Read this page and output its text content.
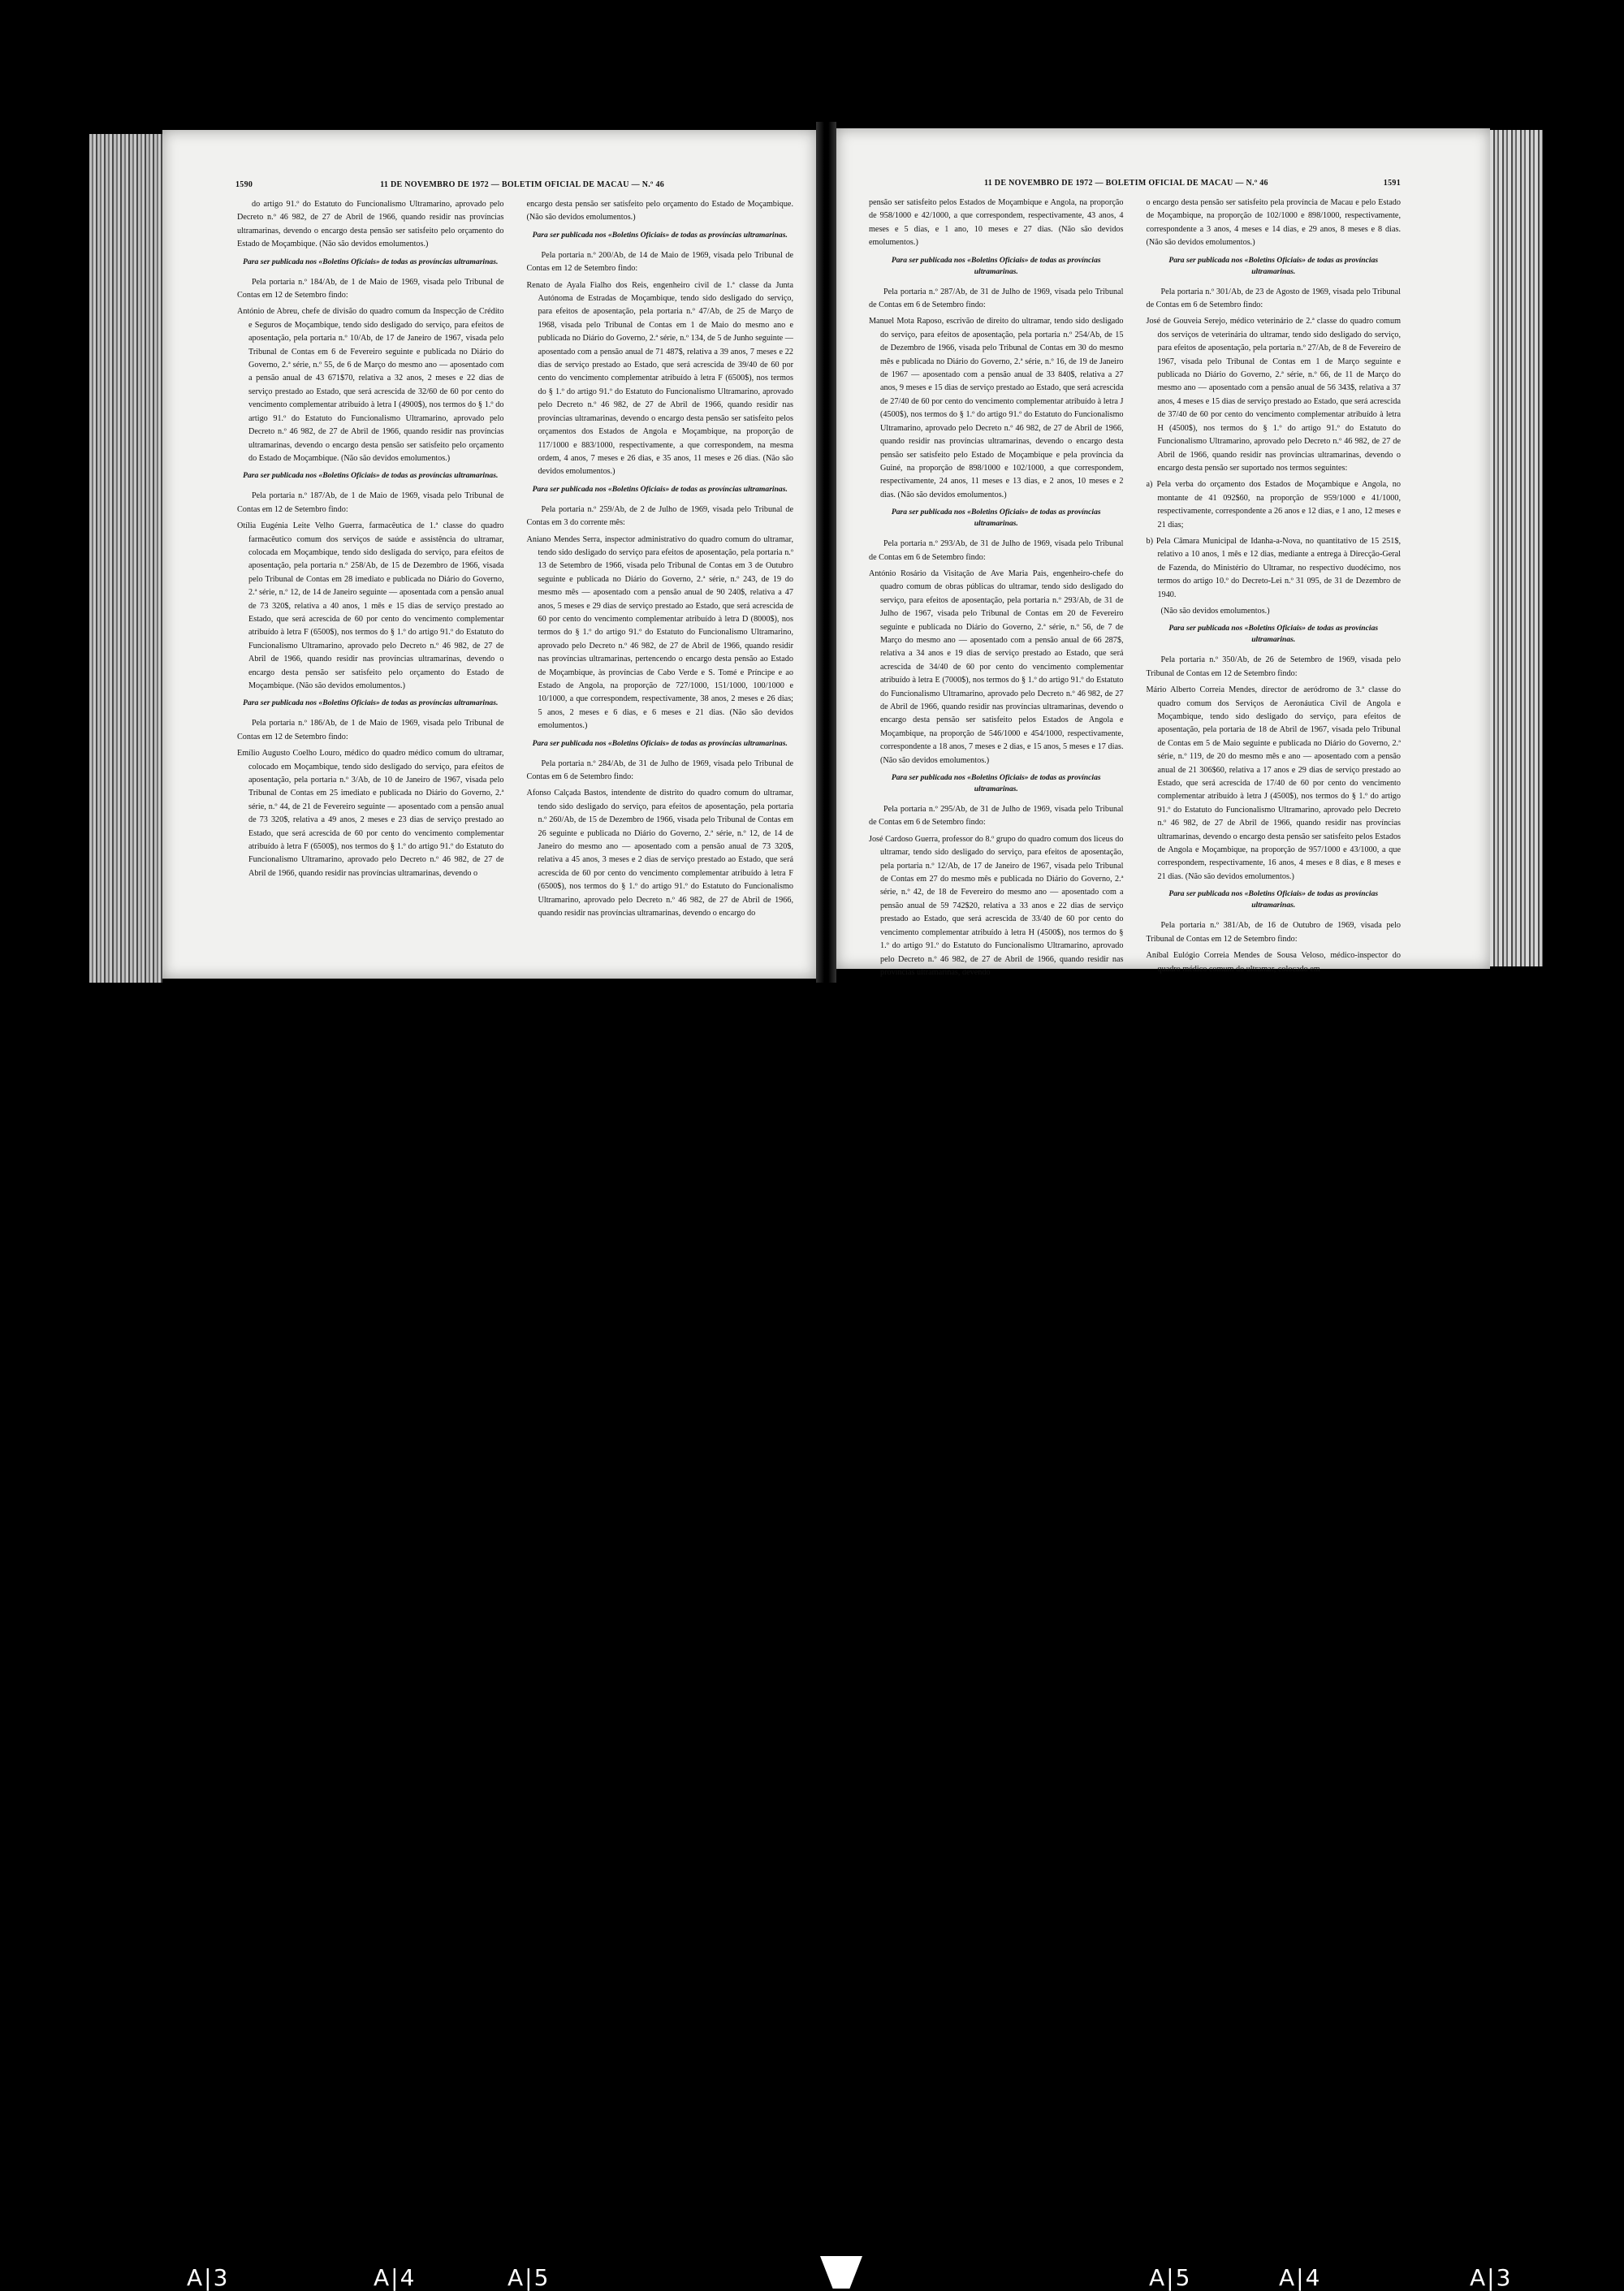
1590	11 DE NOVEMBRO DE 1972 — BOLETIM OFICIAL DE MACAU — N.º 46

do artigo 91.º do Estatuto do Funcionalismo Ultramarino, aprovado pelo Decreto n.º 46 982, de 27 de Abril de 1966, quando residir nas províncias ultramarinas, devendo o encargo desta pensão ser satisfeito pelo orçamento do Estado de Moçambique. (Não são devidos emolumentos.)

Para ser publicada nos «Boletins Oficiais» de todas as províncias ultramarinas.

Pela portaria n.º 184/Ab, de 1 de Maio de 1969, visada pelo Tribunal de Contas em 12 de Setembro findo:

António de Abreu, chefe de divisão do quadro comum da Inspecção de Crédito e Seguros de Moçambique, tendo sido desligado do serviço, para efeitos de aposentação, pela portaria n.º 10/Ab, de 17 de Janeiro de 1967, visada pelo Tribunal de Contas em 6 de Fevereiro seguinte e publicada no Diário do Governo, 2.ª série, n.º 55, de 6 de Março do mesmo ano — aposentado com a pensão anual de 43 671$70, relativa a 32 anos, 2 meses e 22 dias de serviço prestado ao Estado, que será acrescida de 32/60 de 60 por cento do vencimento complementar atribuído à letra I (4900$), nos termos do § 1.º do artigo 91.º do Estatuto do Funcionalismo Ultramarino, aprovado pelo Decreto n.º 46 982, de 27 de Abril de 1966, quando residir nas províncias ultramarinas, devendo o encargo desta pensão ser satisfeito pelo orçamento do Estado de Moçambique. (Não são devidos emolumentos.)

Para ser publicada nos «Boletins Oficiais» de todas as províncias ultramarinas.

Pela portaria n.º 187/Ab, de 1 de Maio de 1969, visada pelo Tribunal de Contas em 12 de Setembro findo:

Otília Eugénia Leite Velho Guerra, farmacêutica de 1.ª classe do quadro farmacêutico comum dos serviços de saúde e assistência do ultramar, colocada em Moçambique, tendo sido desligada do serviço, para efeitos de aposentação, pela portaria n.º 258/Ab, de 15 de Dezembro de 1966, visada pelo Tribunal de Contas em 28 imediato e publicada no Diário do Governo, 2.ª série, n.º 12, de 14 de Janeiro seguinte — aposentada com a pensão anual de 73 320$, relativa a 40 anos, 1 mês e 15 dias de serviço prestado ao Estado, que será acrescida de 60 por cento do vencimento complementar atribuído à letra F (6500$), nos termos do § 1.º do artigo 91.º do Estatuto do Funcionalismo Ultramarino, aprovado pelo Decreto n.º 46 982, de 27 de Abril de 1966, quando residir nas províncias ultramarinas, devendo o encargo desta pensão ser satisfeito pelo orçamento do Estado de Moçambique. (Não são devidos emolumentos.)

Para ser publicada nos «Boletins Oficiais» de todas as províncias ultramarinas.

Pela portaria n.º 186/Ab, de 1 de Maio de 1969, visada pelo Tribunal de Contas em 12 de Setembro findo:

Emílio Augusto Coelho Louro, médico do quadro médico comum do ultramar, colocado em Moçambique, tendo sido desligado do serviço, para efeitos de aposentação, pela portaria n.º 3/Ab, de 10 de Janeiro de 1967, visada pelo Tribunal de Contas em 25 imediato e publicada no Diário do Governo, 2.ª série, n.º 44, de 21 de Fevereiro seguinte — aposentado com a pensão anual de 73 320$, relativa a 49 anos, 2 meses e 23 dias de serviço prestado ao Estado, que será acrescida de 60 por cento do vencimento complementar atribuído à letra F (6500$), nos termos do § 1.º do artigo 91.º do Estatuto do Funcionalismo Ultramarino, aprovado pelo Decreto n.º 46 982, de 27 de Abril de 1966, quando residir nas províncias ultramarinas, devendo o

encargo desta pensão ser satisfeito pelo orçamento do Estado de Moçambique. (Não são devidos emolumentos.)

Para ser publicada nos «Boletins Oficiais» de todas as províncias ultramarinas.

Pela portaria n.º 200/Ab, de 14 de Maio de 1969, visada pelo Tribunal de Contas em 12 de Setembro findo:

Renato de Ayala Fialho dos Reis, engenheiro civil de 1.ª classe da Junta Autónoma de Estradas de Moçambique, tendo sido desligado do serviço, para efeitos de aposentação, pela portaria n.º 47/Ab, de 25 de Março de 1968, visada pelo Tribunal de Contas em 1 de Maio do mesmo ano e publicada no Diário do Governo, 2.ª série, n.º 134, de 5 de Junho seguinte — aposentado com a pensão anual de 71 487$, relativa a 39 anos, 7 meses e 22 dias de serviço prestado ao Estado, que será acrescida de 39/40 de 60 por cento do vencimento complementar atribuído à letra F (6500$), nos termos do § 1.º do artigo 91.º do Estatuto do Funcionalismo Ultramarino, aprovado pelo Decreto n.º 46 982, de 27 de Abril de 1966, quando residir nas províncias ultramarinas, devendo o encargo desta pensão ser satisfeito pelos orçamentos dos Estados de Angola e Moçambique, na proporção de 117/1000 e 883/1000, respectivamente, a que correspondem, na mesma ordem, 4 anos, 7 meses e 26 dias, e 35 anos, 11 meses e 26 dias. (Não são devidos emolumentos.)

Para ser publicada nos «Boletins Oficiais» de todas as províncias ultramarinas.

Pela portaria n.º 259/Ab, de 2 de Julho de 1969, visada pelo Tribunal de Contas em 3 do corrente mês:

Aniano Mendes Serra, inspector administrativo do quadro comum do ultramar, tendo sido desligado do serviço para efeitos de aposentação, pela portaria n.º 13 de Setembro de 1966, visada pelo Tribunal de Contas em 3 de Outubro seguinte e publicada no Diário do Governo, 2.ª série, n.º 243, de 19 do mesmo mês — aposentado com a pensão anual de 90 240$, relativa a 47 anos, 5 meses e 29 dias de serviço prestado ao Estado, que será acrescida de 60 por cento do vencimento complementar atribuído à letra D (8000$), nos termos do § 1.º do artigo 91.º do Estatuto do Funcionalismo Ultramarino, aprovado pelo Decreto n.º 46 982, de 27 de Abril de 1966, quando residir nas províncias ultramarinas, pertencendo o encargo desta pensão ao Estado de Moçambique, às províncias de Cabo Verde e S. Tomé e Príncipe e ao Estado de Angola, na proporção de 727/1000, 151/1000, 100/1000 e 10/1000, a que correspondem, respectivamente, 38 anos, 2 meses e 26 dias; 5 anos, 2 meses e 6 dias, e 6 meses e 21 dias. (Não são devidos emolumentos.)

Para ser publicada nos «Boletins Oficiais» de todas as províncias ultramarinas.

Pela portaria n.º 284/Ab, de 31 de Julho de 1969, visada pelo Tribunal de Contas em 6 de Setembro findo:

Afonso Calçada Bastos, intendente de distrito do quadro comum do ultramar, tendo sido desligado do serviço, para efeitos de aposentação, pela portaria n.º 260/Ab, de 15 de Dezembro de 1966, visada pelo Tribunal de Contas em 26 seguinte e publicada no Diário do Governo, 2.ª série, n.º 12, de 14 de Janeiro do mesmo ano — aposentado com a pensão anual de 73 320$, relativa a 45 anos, 3 meses e 2 dias de serviço prestado ao Estado, que será acrescida de 60 por cento do vencimento complementar atribuído à letra F (6500$), nos termos do § 1.º do artigo 91.º do Estatuto do Funcionalismo Ultramarino, aprovado pelo Decreto n.º 46 982, de 27 de Abril de 1966, quando residir nas províncias ultramarinas, devendo o encargo do

11 DE NOVEMBRO DE 1972 — BOLETIM OFICIAL DE MACAU — N.º 46	1591

pensão ser satisfeito pelos Estados de Moçambique e Angola, na proporção de 958/1000 e 42/1000, a que correspondem, respectivamente, 43 anos, 4 meses e 5 dias, e 1 ano, 10 meses e 27 dias. (Não são devidos emolumentos.)

Para ser publicada nos «Boletins Oficiais» de todas as províncias ultramarinas.

Pela portaria n.º 287/Ab, de 31 de Julho de 1969, visada pelo Tribunal de Contas em 6 de Setembro findo:

Manuel Mota Raposo, escrivão de direito do ultramar, tendo sido desligado do serviço, para efeitos de aposentação, pela portaria n.º 254/Ab, de 15 de Dezembro de 1966, visada pelo Tribunal de Contas em 30 do mesmo mês e publicada no Diário do Governo, 2.ª série, n.º 16, de 19 de Janeiro de 1967 — aposentado com a pensão anual de 33 840$, relativa a 27 anos, 9 meses e 15 dias de serviço prestado ao Estado, que será acrescida de 27/40 de 60 por cento do vencimento complementar atribuído à letra J (4500$), nos termos do § 1.º do artigo 91.º do Estatuto do Funcionalismo Ultramarino, aprovado pelo Decreto n.º 46 982, de 27 de Abril de 1966, quando residir nas províncias ultramarinas, devendo o encargo desta pensão ser satisfeito pelo Estado de Moçambique e pela província da Guiné, na proporção de 898/1000 e 102/1000, a que correspondem, respectivamente, 24 anos, 11 meses e 13 dias, e 2 anos, 10 meses e 2 dias. (Não são devidos emolumentos.)

Para ser publicada nos «Boletins Oficiais» de todas as províncias ultramarinas.

Pela portaria n.º 293/Ab, de 31 de Julho de 1969, visada pelo Tribunal de Contas em 6 de Setembro findo:

António Rosário da Visitação de Ave Maria Pais, engenheiro-chefe do quadro comum de obras públicas do ultramar, tendo sido desligado do serviço, para efeitos de aposentação, pela portaria n.º 293/Ab, de 31 de Julho de 1967, visada pelo Tribunal de Contas em 20 de Fevereiro seguinte e publicada no Diário do Governo, 2.ª série, n.º 56, de 7 de Março do mesmo ano — aposentado com a pensão anual de 66 287$, relativa a 34 anos e 19 dias de serviço prestado ao Estado, que será acrescida de 34/40 de 60 por cento do vencimento complementar atribuído à letra E (7000$), nos termos do § 1.º do artigo 91.º do Estatuto do Funcionalismo Ultramarino, aprovado pelo Decreto n.º 46 982, de 27 de Abril de 1966, quando residir nas províncias ultramarinas, devendo o encargo desta pensão ser satisfeito pelos Estados de Angola e Moçambique, na proporção de 546/1000 e 454/1000, respectivamente, correspondente a 18 anos, 7 meses e 2 dias, e 15 anos, 5 meses e 17 dias. (Não são devidos emolumentos.)

Para ser publicada nos «Boletins Oficiais» de todas as províncias ultramarinas.

Pela portaria n.º 295/Ab, de 31 de Julho de 1969, visada pelo Tribunal de Contas em 6 de Setembro findo:

José Cardoso Guerra, professor do 8.º grupo do quadro comum dos liceus do ultramar, tendo sido desligado do serviço, para efeitos de aposentação, pela portaria n.º 12/Ab, de 17 de Janeiro de 1967, visada pelo Tribunal de Contas em 27 do mesmo mês e publicada no Diário do Governo, 2.ª série, n.º 42, de 18 de Fevereiro do mesmo ano — aposentado com a pensão anual de 59 742$20, relativa a 33 anos e 22 dias de serviço prestado ao Estado, que será acrescida de 33/40 de 60 por cento do vencimento complementar atribuído à letra H (4500$), nos termos do § 1.º do artigo 91.º do Estatuto do Funcionalismo Ultramarino, aprovado pelo Decreto n.º 46 982, de 27 de Abril de 1966, quando residir nas províncias ultramarinas, devendo

o encargo desta pensão ser satisfeito pela província de Macau e pelo Estado de Moçambique, na proporção de 102/1000 e 898/1000, respectivamente, correspondente a 3 anos, 4 meses e 14 dias, e 29 anos, 8 meses e 8 dias. (Não são devidos emolumentos.)

Para ser publicada nos «Boletins Oficiais» de todas as províncias ultramarinas.

Pela portaria n.º 301/Ab, de 23 de Agosto de 1969, visada pelo Tribunal de Contas em 6 de Setembro findo:

José de Gouveia Serejo, médico veterinário de 2.ª classe do quadro comum dos serviços de veterinária do ultramar, tendo sido desligado do serviço, para efeitos de aposentação, pela portaria n.º 27/Ab, de 8 de Fevereiro de 1967, visada pelo Tribunal de Contas em 1 de Março seguinte e publicada no Diário do Governo, 2.ª série, n.º 66, de 11 de Março do mesmo ano — aposentado com a pensão anual de 56 343$, relativa a 37 anos, 4 meses e 15 dias de serviço prestado ao Estado, que será acrescida de 37/40 de 60 por cento do vencimento complementar atribuído à letra H (4500$), nos termos do § 1.º do artigo 91.º do Estatuto do Funcionalismo Ultramarino, aprovado pelo Decreto n.º 46 982, de 27 de Abril de 1966, quando residir nas províncias ultramarinas, devendo o encargo desta pensão ser suportado nos termos seguintes:

a) Pela verba do orçamento dos Estados de Moçambique e Angola, no montante de 41 092$60, na proporção de 959/1000 e 41/1000, respectivamente, correspondente a 26 anos e 12 dias, e 1 ano, 12 meses e 21 dias;

b) Pela Câmara Municipal de Idanha-a-Nova, no quantitativo de 15 251$, relativo a 10 anos, 1 mês e 12 dias, mediante a entrega à Direcção-Geral de Fazenda, do Ministério do Ultramar, no respectivo duodécimo, nos termos do artigo 10.º do Decreto-Lei n.º 31 095, de 31 de Dezembro de 1940.

(Não são devidos emolumentos.)

Para ser publicada nos «Boletins Oficiais» de todas as províncias ultramarinas.

Pela portaria n.º 350/Ab, de 26 de Setembro de 1969, visada pelo Tribunal de Contas em 12 de Setembro findo:

Mário Alberto Correia Mendes, director de aeródromo de 3.ª classe do quadro comum dos Serviços de Aeronáutica Civil de Angola e Moçambique, tendo sido desligado do serviço, para efeitos de aposentação, pela portaria de 18 de Abril de 1967, visada pelo Tribunal de Contas em 5 de Maio seguinte e publicada no Diário do Governo, 2.ª série, n.º 119, de 20 do mesmo mês e ano — aposentado com a pensão anual de 21 306$60, relativa a 17 anos e 29 dias de serviço prestado ao Estado, que será acrescida de 17/40 de 60 por cento do vencimento complementar atribuído à letra J (4500$), nos termos do § 1.º do artigo 91.º do Estatuto do Funcionalismo Ultramarino, aprovado pelo Decreto n.º 46 982, de 27 de Abril de 1966, quando residir nas províncias ultramarinas, devendo o encargo desta pensão ser satisfeito pelos Estados de Angola e Moçambique, na proporção de 957/1000 e 43/1000, a que correspondem, respectivamente, 16 anos, 4 meses e 8 dias, e 8 meses e 21 dias. (Não são devidos emolumentos.)

Para ser publicada nos «Boletins Oficiais» de todas as províncias ultramarinas.

Pela portaria n.º 381/Ab, de 16 de Outubro de 1969, visada pelo Tribunal de Contas em 12 de Setembro findo:

Aníbal Eulógio Correia Mendes de Sousa Veloso, médico-inspector do quadro médico comum do ultramar, colocado em

A|3	A|4	A|5	A|5	A|4	A|3
